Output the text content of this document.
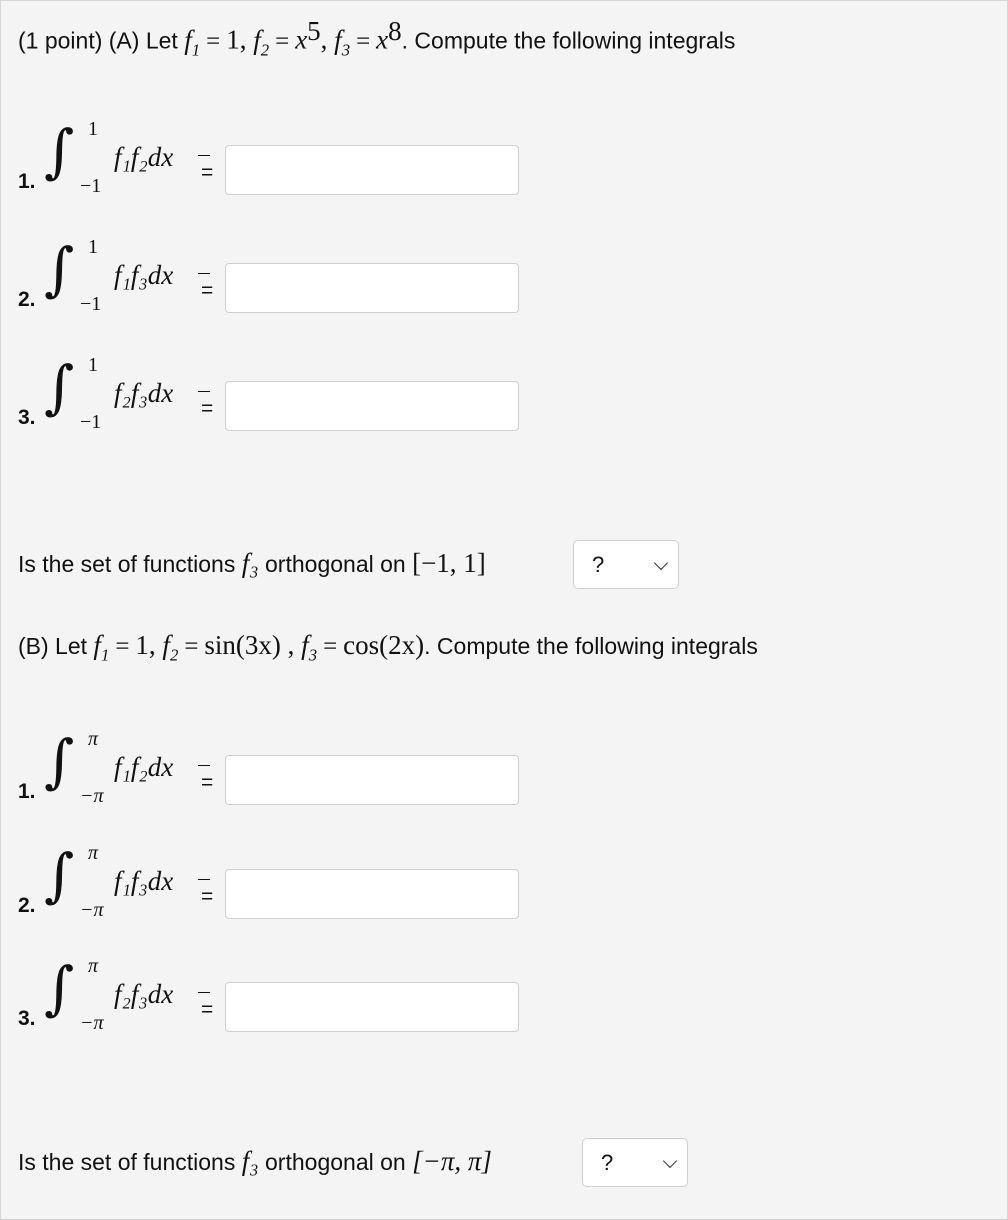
(1 point) (A) Let $f_1 = 1$, $f_2 = x^5$, $f_3 = x^8$. Compute the following integrals
1. ∫ 1
−1
f₁f₂dx
=
2. ∫ 1
−1
f₁f₃dx
=
3. ∫ 1
−1
f₂f₃dx
=
Is the set of functions f₃ orthogonal on [−1, 1]	?
(B) Let $f_1 = 1$, $f_2 = \sin(3x)$ , $f_3 = \cos(2x)$. Compute the following integrals
1. ∫ π
−π
f₁f₂dx
=
2. ∫ π
−π
f₁f₃dx
=
3. ∫ π
−π
f₂f₃dx
=
Is the set of functions f₃ orthogonal on [−π, π]	?
